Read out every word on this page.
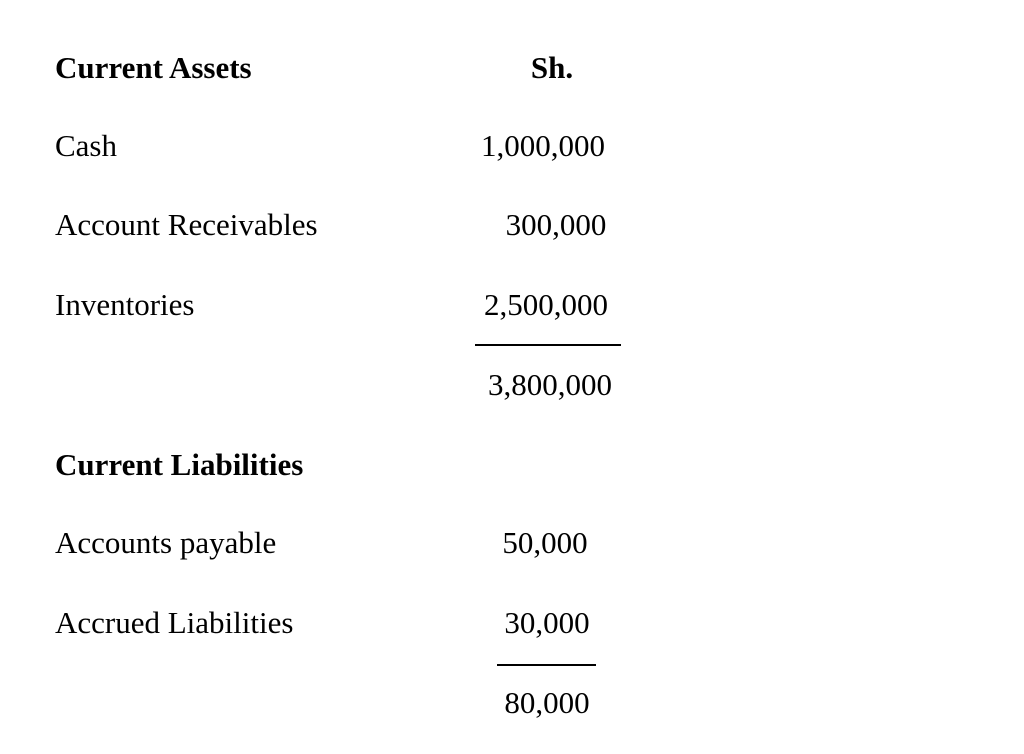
Current Assets	Sh.
Cash	1,000,000
Account Receivables	300,000
Inventories	2,500,000
3,800,000
Current Liabilities
Accounts payable	50,000
Accrued Liabilities	30,000
80,000
